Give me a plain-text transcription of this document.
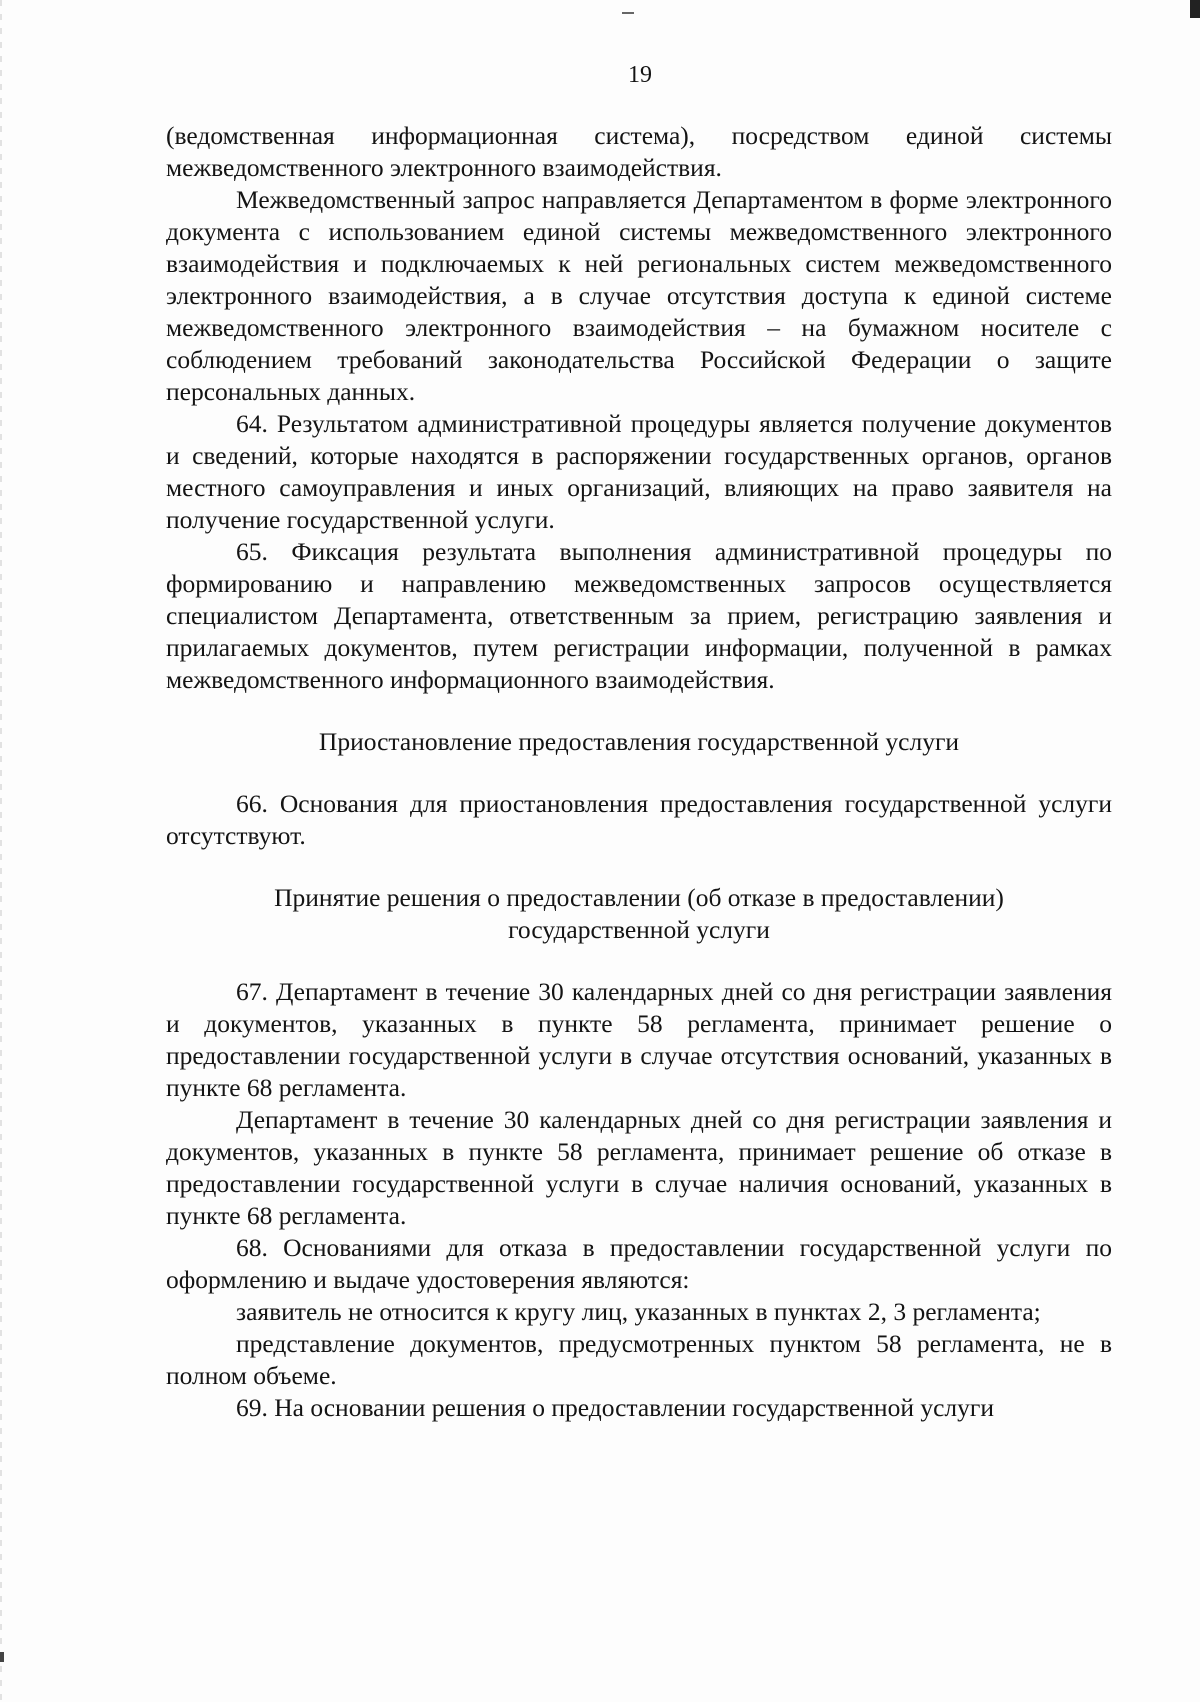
19

(ведомственная информационная система), посредством единой системы межведомственного электронного взаимодействия.

Межведомственный запрос направляется Департаментом в форме электронного документа с использованием единой системы межведомственного электронного взаимодействия и подключаемых к ней региональных систем межведомственного электронного взаимодействия, а в случае отсутствия доступа к единой системе межведомственного электронного взаимодействия – на бумажном носителе с соблюдением требований законодательства Российской Федерации о защите персональных данных.

64. Результатом административной процедуры является получение документов и сведений, которые находятся в распоряжении государственных органов, органов местного самоуправления и иных организаций, влияющих на право заявителя на получение государственной услуги.

65. Фиксация результата выполнения административной процедуры по формированию и направлению межведомственных запросов осуществляется специалистом Департамента, ответственным за прием, регистрацию заявления и прилагаемых документов, путем регистрации информации, полученной в рамках межведомственного информационного взаимодействия.

Приостановление предоставления государственной услуги

66. Основания для приостановления предоставления государственной услуги отсутствуют.

Принятие решения о предоставлении (об отказе в предоставлении)
государственной услуги

67. Департамент в течение 30 календарных дней со дня регистрации заявления и документов, указанных в пункте 58 регламента, принимает решение о предоставлении государственной услуги в случае отсутствия оснований, указанных в пункте 68 регламента.

Департамент в течение 30 календарных дней со дня регистрации заявления и документов, указанных в пункте 58 регламента, принимает решение об отказе в предоставлении государственной услуги в случае наличия оснований, указанных в пункте 68 регламента.

68. Основаниями для отказа в предоставлении государственной услуги по оформлению и выдаче удостоверения являются:

заявитель не относится к кругу лиц, указанных в пунктах 2, 3 регламента;

представление документов, предусмотренных пунктом 58 регламента, не в полном объеме.

69. На основании решения о предоставлении государственной услуги
